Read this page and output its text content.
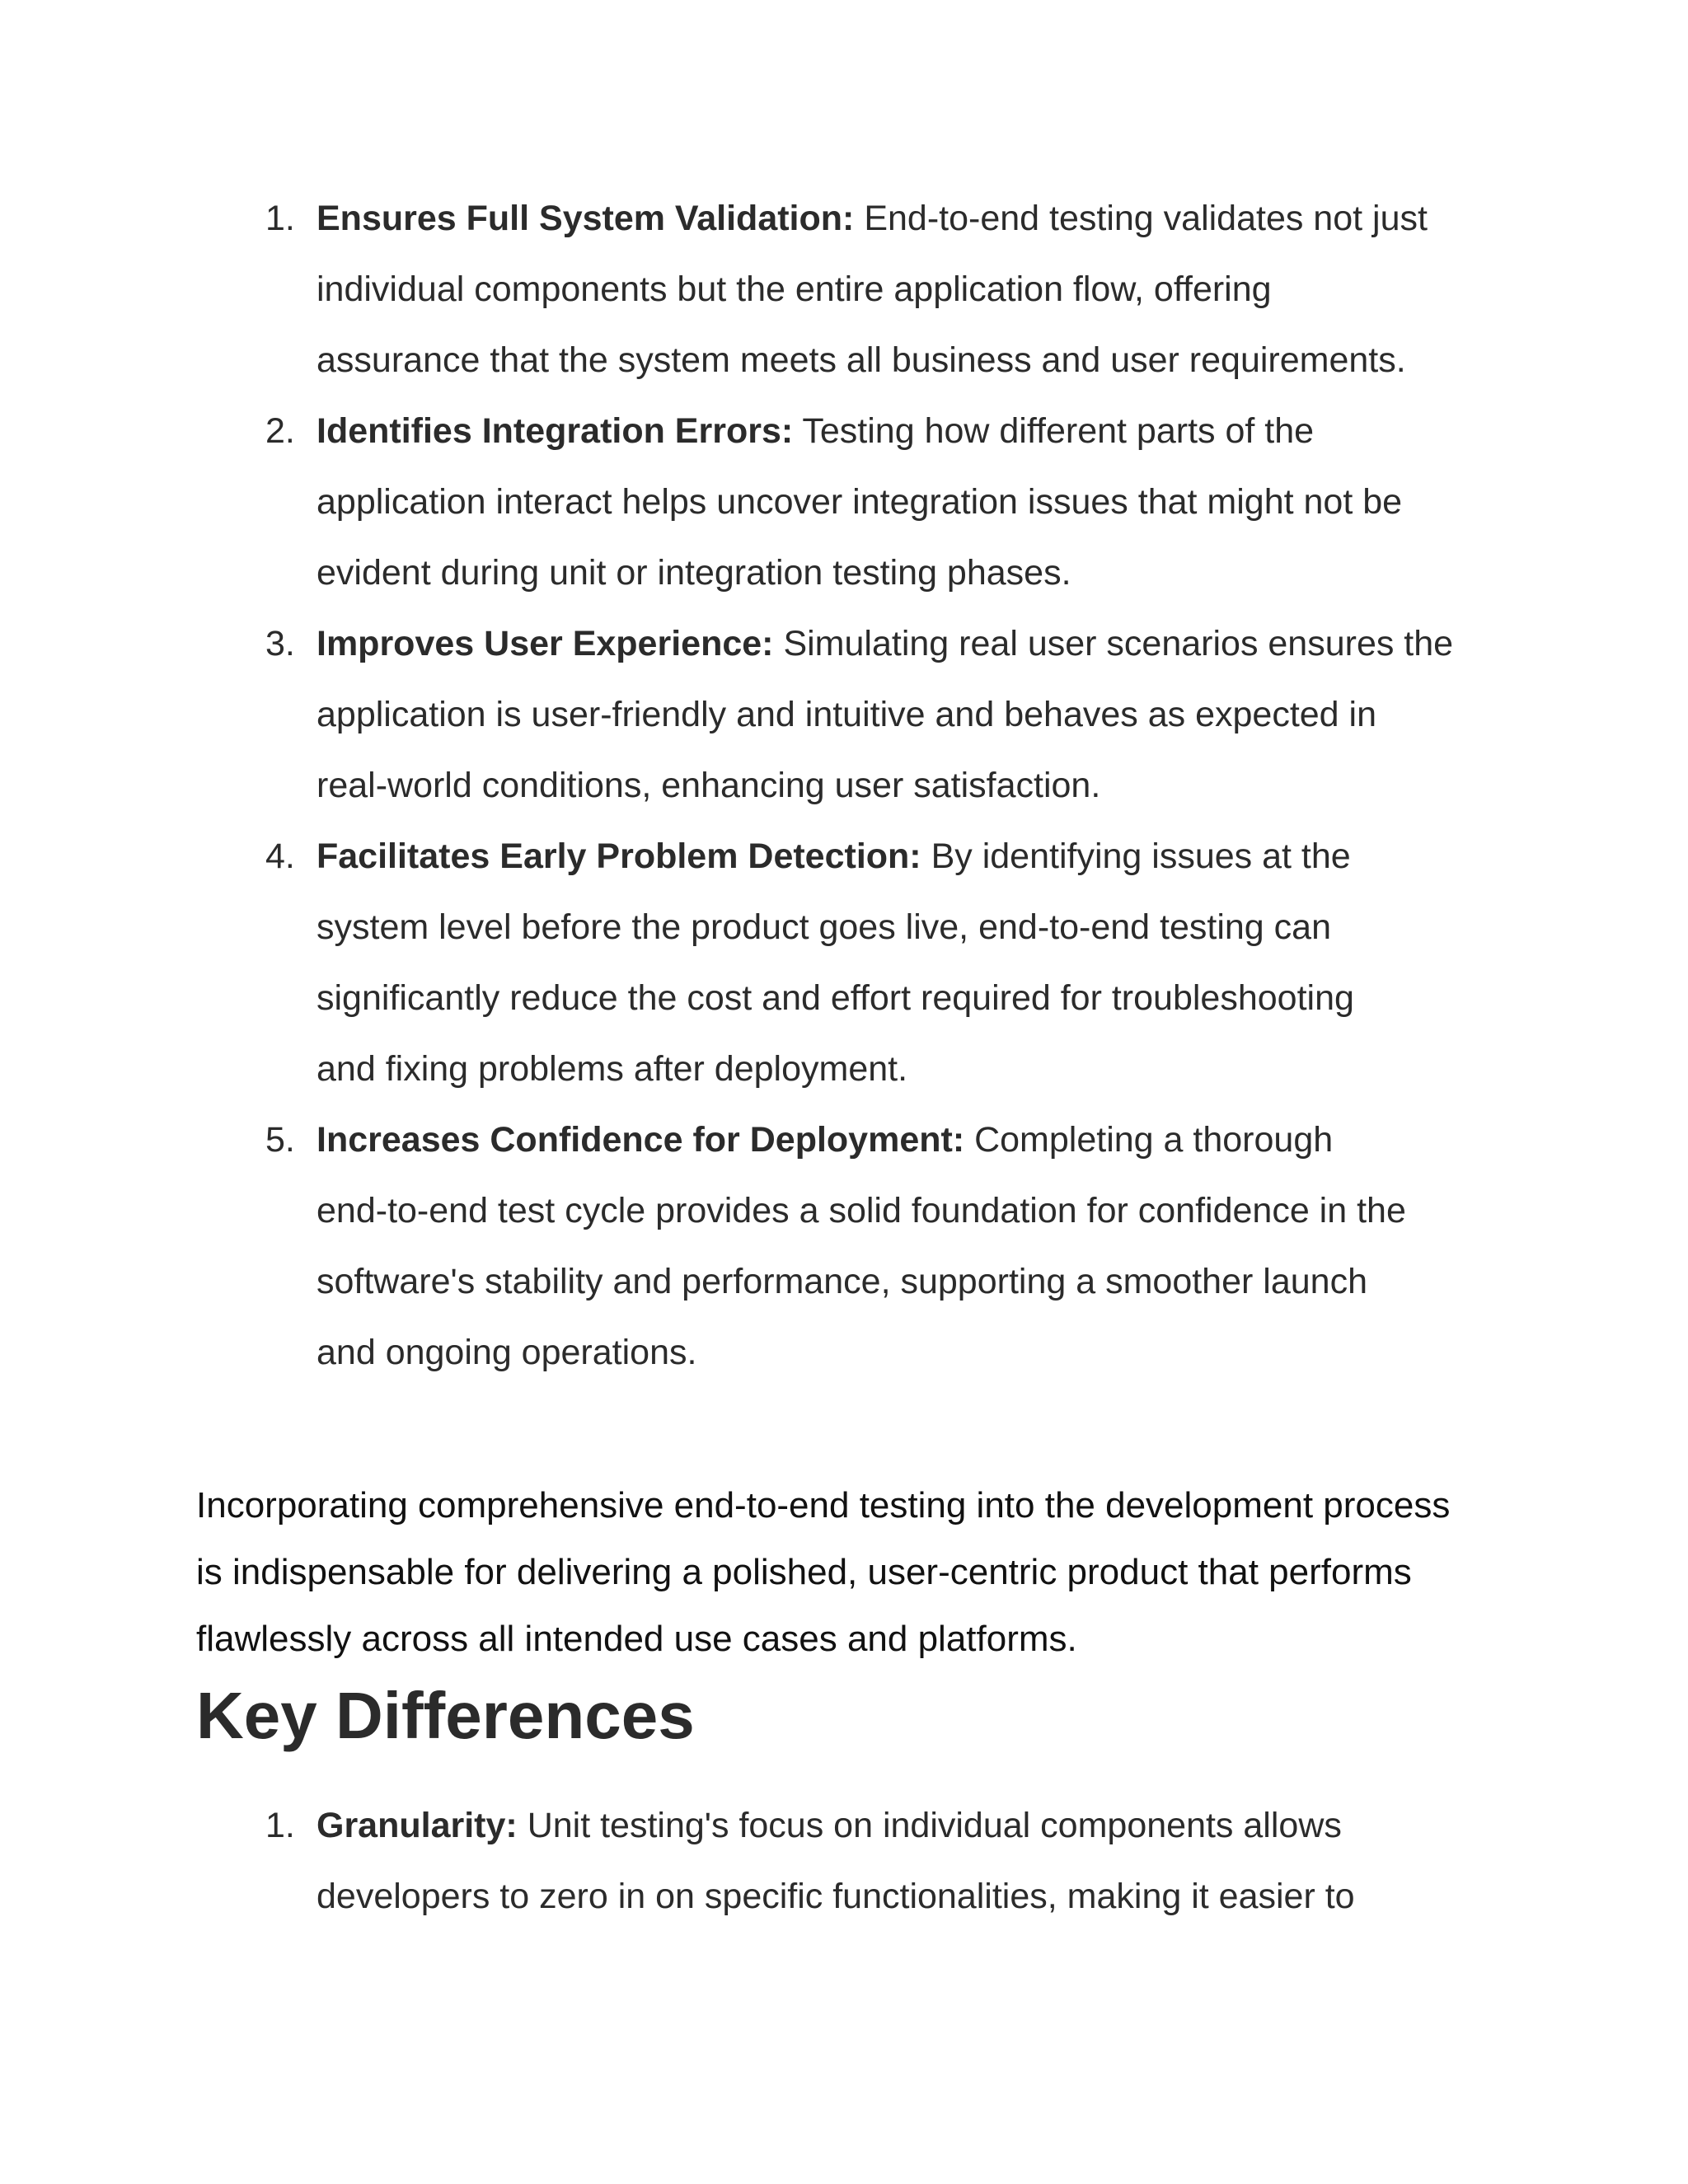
1. Ensures Full System Validation: End-to-end testing validates not just
individual components but the entire application flow, offering
assurance that the system meets all business and user requirements.
2. Identifies Integration Errors: Testing how different parts of the
application interact helps uncover integration issues that might not be
evident during unit or integration testing phases.
3. Improves User Experience: Simulating real user scenarios ensures the
application is user-friendly and intuitive and behaves as expected in
real-world conditions, enhancing user satisfaction.
4. Facilitates Early Problem Detection: By identifying issues at the
system level before the product goes live, end-to-end testing can
significantly reduce the cost and effort required for troubleshooting
and fixing problems after deployment.
5. Increases Confidence for Deployment: Completing a thorough
end-to-end test cycle provides a solid foundation for confidence in the
software's stability and performance, supporting a smoother launch
and ongoing operations.

Incorporating comprehensive end-to-end testing into the development process
is indispensable for delivering a polished, user-centric product that performs
flawlessly across all intended use cases and platforms.

Key Differences
1. Granularity: Unit testing's focus on individual components allows
developers to zero in on specific functionalities, making it easier to
